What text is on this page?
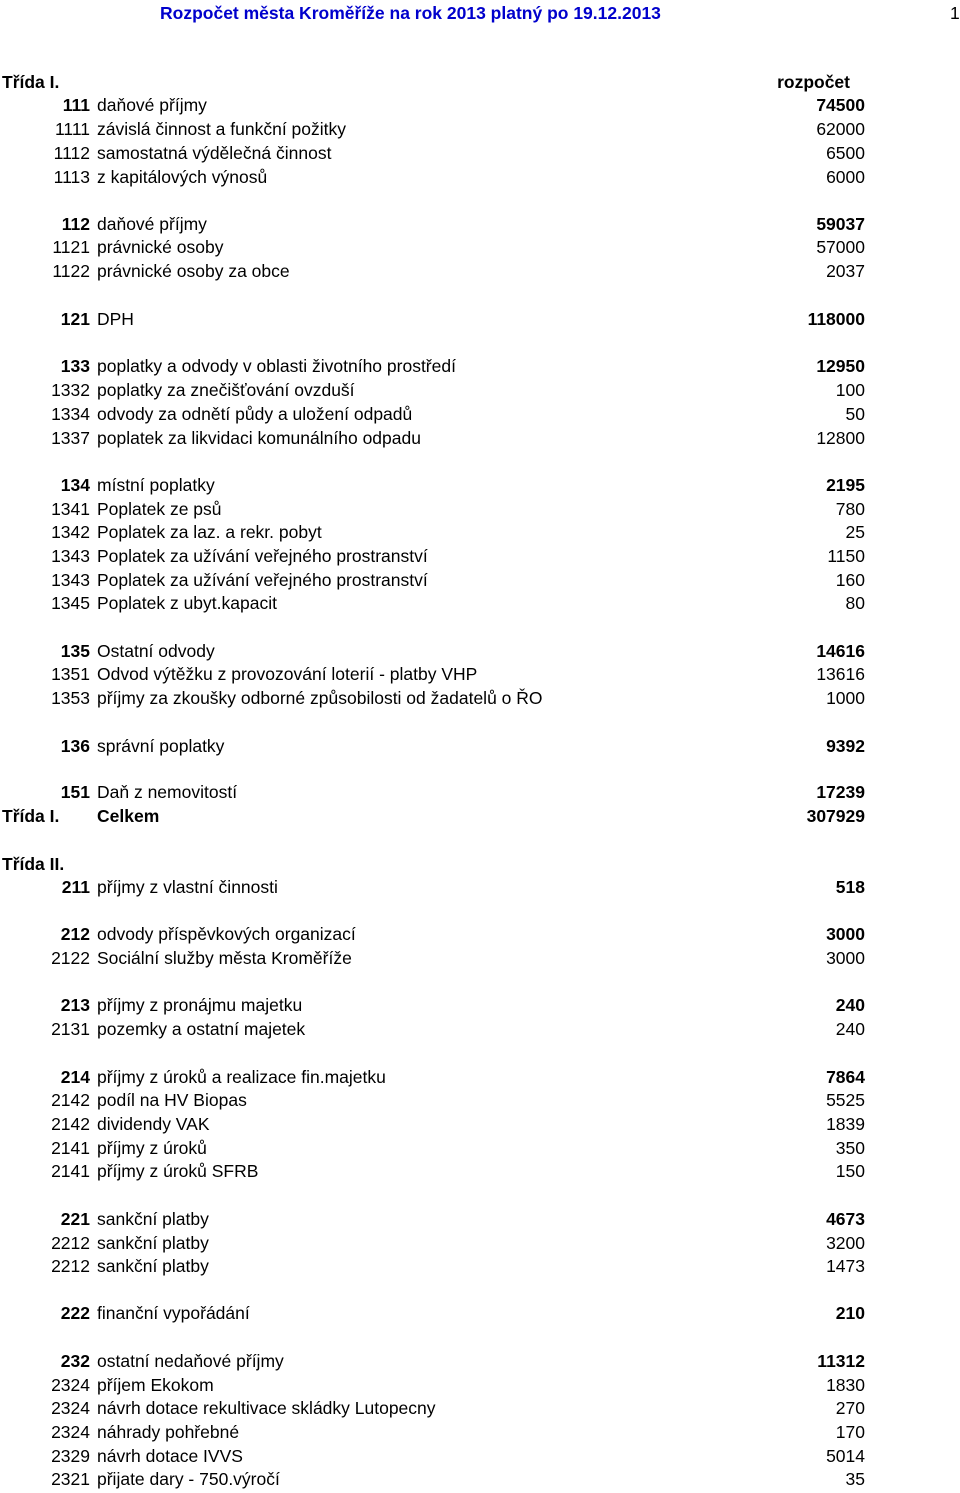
Rozpočet města Kroměříže na rok 2013 platný po 19.12.2013	1
Třída I.	rozpočet
111 daňové příjmy	74500
1111 závislá činnost a funkční požitky	62000
1112 samostatná výdělečná činnost	6500
1113 z kapitálových výnosů	6000
112 daňové příjmy	59037
1121 právnické osoby	57000
1122 právnické osoby za obce	2037
121 DPH	118000
133 poplatky a odvody v oblasti životního prostředí	12950
1332 poplatky za znečišťování ovzduší	100
1334 odvody za odnětí půdy a uložení odpadů	50
1337 poplatek za likvidaci komunálního odpadu	12800
134 místní poplatky	2195
1341 Poplatek ze psů	780
1342 Poplatek za laz. a rekr. pobyt	25
1343 Poplatek za užívání veřejného prostranství	1150
1343 Poplatek za užívání veřejného prostranství	160
1345 Poplatek z ubyt.kapacit	80
135 Ostatní odvody	14616
1351 Odvod výtěžku z provozování loterií - platby VHP	13616
1353 příjmy za zkoušky odborné způsobilosti od žadatelů o ŘO	1000
136 správní poplatky	9392
151 Daň z nemovitostí	17239
Třída I. Celkem	307929
Třída II.
211 příjmy z vlastní činnosti	518
212 odvody příspěvkových organizací	3000
2122 Sociální služby města Kroměříže	3000
213 příjmy z pronájmu majetku	240
2131 pozemky a ostatní majetek	240
214 příjmy z úroků a realizace fin.majetku	7864
2142 podíl na HV Biopas	5525
2142 dividendy VAK	1839
2141 příjmy z úroků	350
2141 příjmy z úroků SFRB	150
221 sankční platby	4673
2212 sankční platby	3200
2212 sankční platby	1473
222 finanční vypořádání	210
232 ostatní nedaňové příjmy	11312
2324 příjem Ekokom	1830
2324 návrh dotace rekultivace skládky Lutopecny	270
2324 náhrady pohřebné	170
2329 návrh dotace IVVS	5014
2321 přijate dary - 750.výročí	35
